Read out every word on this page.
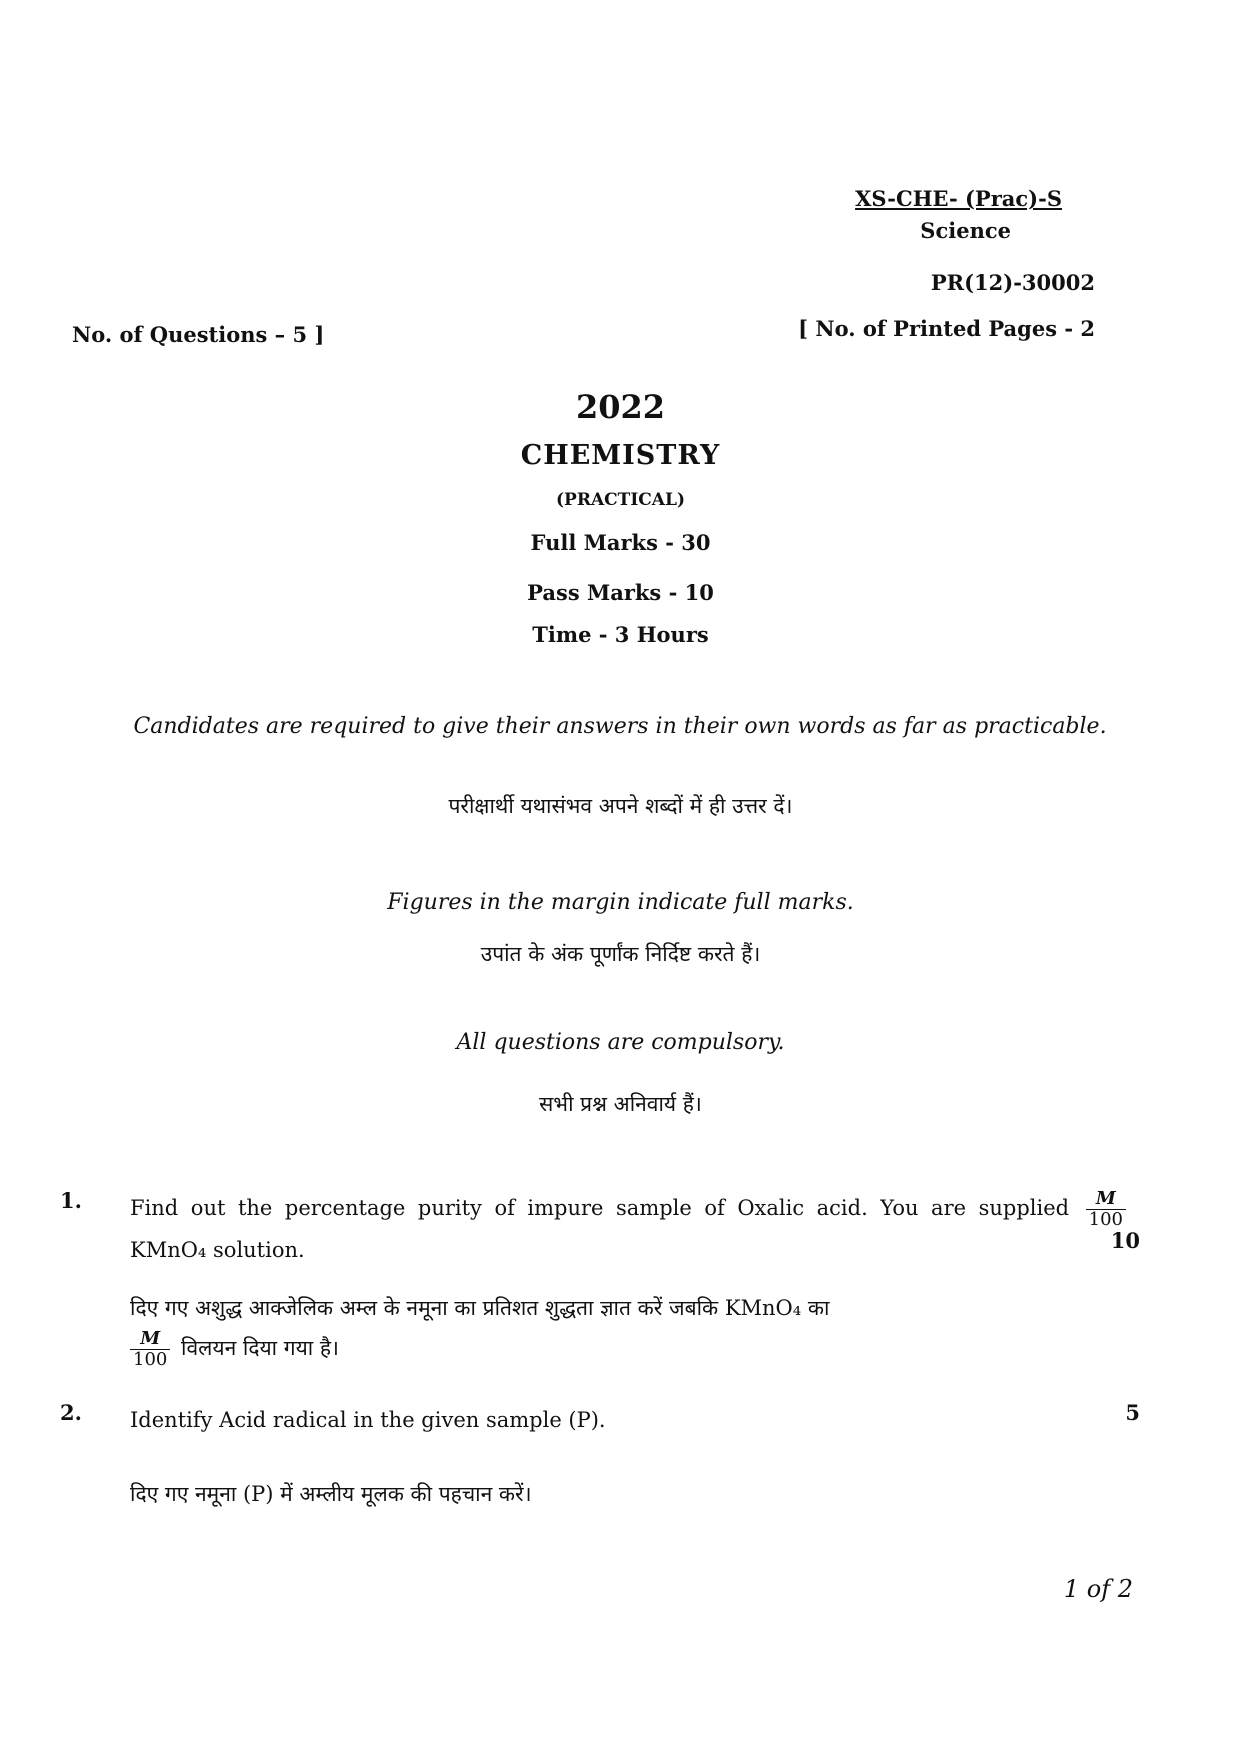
XS-CHE- (Prac)-S
Science
PR(12)-30002
No. of Questions – 5 ]	[ No. of Printed Pages - 2
2022
CHEMISTRY
(PRACTICAL)
Full Marks - 30
Pass Marks - 10
Time - 3 Hours
Candidates are required to give their answers in their own words as far as practicable.
परीक्षार्थी यथासंभव अपने शब्दों में ही उत्तर दें।
Figures in the margin indicate full marks.
उपांत के अंक पूर्णांक निर्दिष्ट करते हैं।
All questions are compulsory.
सभी प्रश्न अनिवार्य हैं।
1. Find out the percentage purity of impure sample of Oxalic acid. You are supplied $\frac{M}{100}$
KMnO₄ solution.	10
दिए गए अशुद्ध आक्जेलिक अम्ल के नमूना का प्रतिशत शुद्धता ज्ञात करें जबकि KMnO₄ का

$\frac{M}{100}$ विलयन दिया गया है।
2. Identify Acid radical in the given sample (P).	5
दिए गए नमूना (P) में अम्लीय मूलक की पहचान करें।
1 of 2
